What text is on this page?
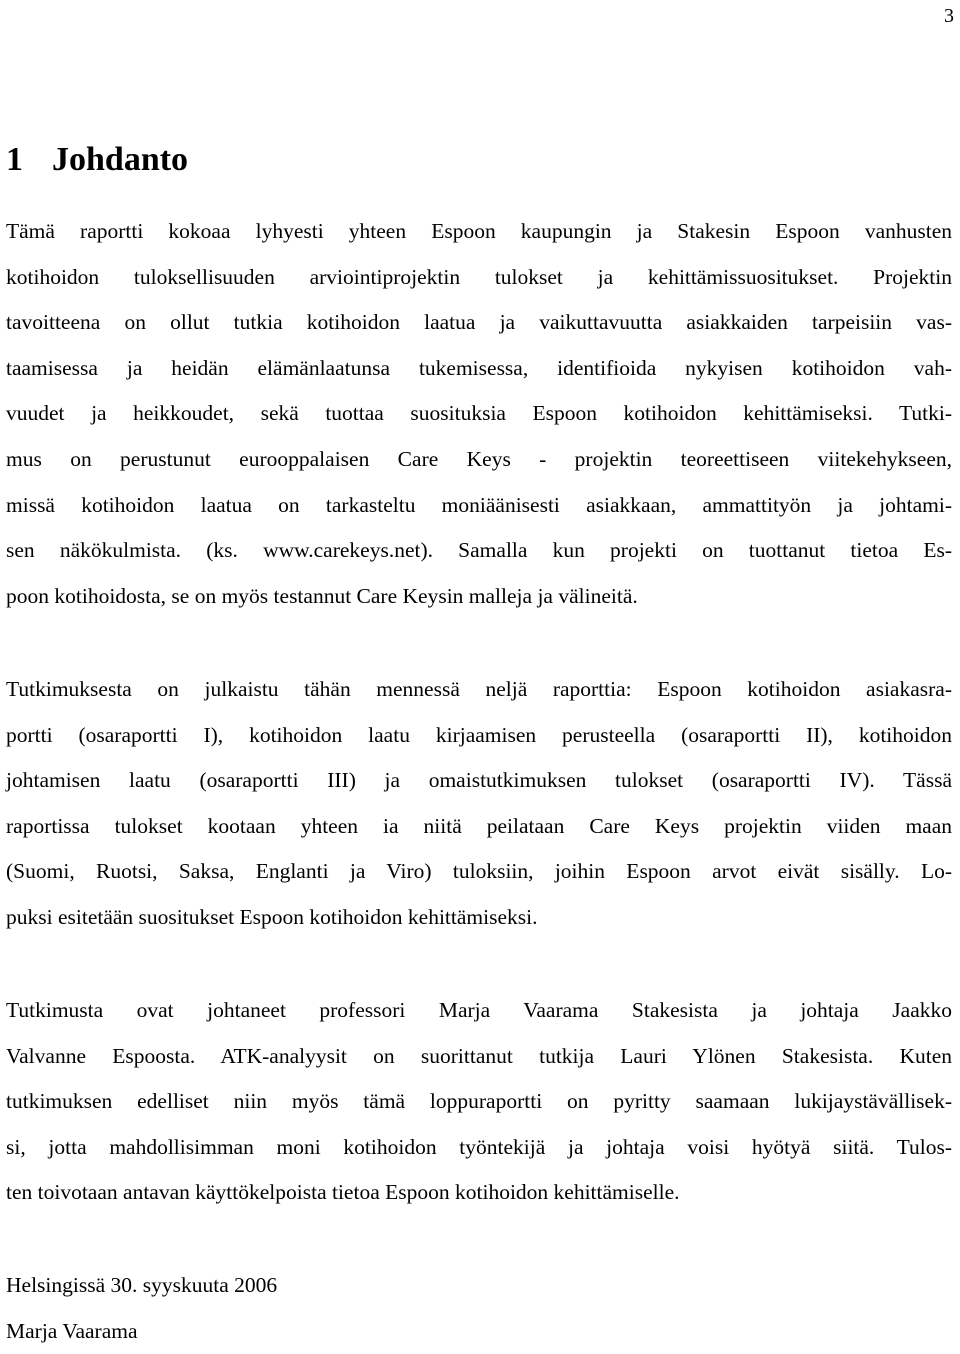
3
1 Johdanto
Tämä raportti kokoaa lyhyesti yhteen Espoon kaupungin ja Stakesin Espoon vanhusten
kotihoidon tuloksellisuuden arviointiprojektin tulokset ja kehittämissuositukset. Projektin
tavoitteena on ollut tutkia kotihoidon laatua ja vaikuttavuutta asiakkaiden tarpeisiin vas-
taamisessa ja heidän elämänlaatunsa tukemisessa, identifioida nykyisen kotihoidon vah-
vuudet ja heikkoudet, sekä tuottaa suosituksia Espoon kotihoidon kehittämiseksi. Tutki-
mus on perustunut eurooppalaisen Care Keys - projektin teoreettiseen viitekehykseen,
missä kotihoidon laatua on tarkasteltu moniäänisesti asiakkaan, ammattityön ja johtami-
sen näkökulmista. (ks. www.carekeys.net). Samalla kun projekti on tuottanut tietoa Es-
poon kotihoidosta, se on myös testannut Care Keysin malleja ja välineitä.
Tutkimuksesta on julkaistu tähän mennessä neljä raporttia: Espoon kotihoidon asiakasra-
portti (osaraportti I), kotihoidon laatu kirjaamisen perusteella (osaraportti II), kotihoidon
johtamisen laatu (osaraportti III) ja omaistutkimuksen tulokset (osaraportti IV). Tässä
raportissa tulokset kootaan yhteen ia niitä peilataan Care Keys projektin viiden maan
(Suomi, Ruotsi, Saksa, Englanti ja Viro) tuloksiin, joihin Espoon arvot eivät sisälly. Lo-
puksi esitetään suositukset Espoon kotihoidon kehittämiseksi.
Tutkimusta ovat johtaneet professori Marja Vaarama Stakesista ja johtaja Jaakko
Valvanne Espoosta. ATK-analyysit on suorittanut tutkija Lauri Ylönen Stakesista. Kuten
tutkimuksen edelliset niin myös tämä loppuraportti on pyritty saamaan lukijaystävällisek-
si, jotta mahdollisimman moni kotihoidon työntekijä ja johtaja voisi hyötyä siitä. Tulos-
ten toivotaan antavan käyttökelpoista tietoa Espoon kotihoidon kehittämiselle.
Helsingissä 30. syyskuuta 2006
Marja Vaarama
